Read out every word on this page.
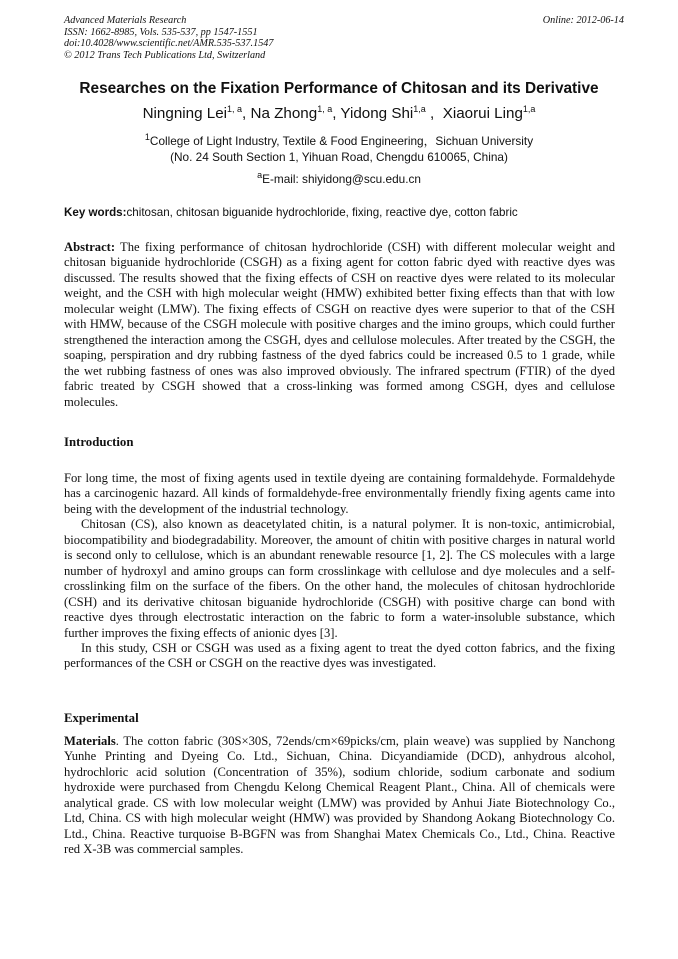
Advanced Materials Research
ISSN: 1662-8985, Vols. 535-537, pp 1547-1551
doi:10.4028/www.scientific.net/AMR.535-537.1547
© 2012 Trans Tech Publications Ltd, Switzerland
Online: 2012-06-14
Researches on the Fixation Performance of Chitosan and its Derivative
Ningning Lei$^{1, a}$, Na Zhong$^{1, a}$, Yidong Shi$^{1,a}$ ,  Xiaorui Ling$^{1,a}$
$^1$College of Light Industry, Textile & Food Engineering，Sichuan University
(No. 24 South Section 1, Yihuan Road, Chengdu 610065, China)
$^a$E-mail: shiyidong@scu.edu.cn
Key words:chitosan, chitosan biguanide hydrochloride, fixing, reactive dye, cotton fabric

Abstract: The fixing performance of chitosan hydrochloride (CSH) with different molecular weight and chitosan biguanide hydrochloride (CSGH) as a fixing agent for cotton fabric dyed with reactive dyes was discussed. The results showed that the fixing effects of CSH on reactive dyes were related to its molecular weight, and the CSH with high molecular weight (HMW) exhibited better fixing effects than that with low molecular weight (LMW). The fixing effects of CSGH on reactive dyes were superior to that of the CSH with HMW, because of the CSGH molecule with positive charges and the imino groups, which could further strengthened the interaction among the CSGH, dyes and cellulose molecules. After treated by the CSGH, the soaping, perspiration and dry rubbing fastness of the dyed fabrics could be increased 0.5 to 1 grade, while the wet rubbing fastness of ones was also improved obviously. The infrared spectrum (FTIR) of the dyed fabric treated by CSGH showed that a cross-linking was formed among CSGH, dyes and cellulose molecules.

Introduction

For long time, the most of fixing agents used in textile dyeing are containing formaldehyde. Formaldehyde has a carcinogenic hazard. All kinds of formaldehyde-free environmentally friendly fixing agents came into being with the development of the industrial technology.

Chitosan (CS), also known as deacetylated chitin, is a natural polymer. It is non-toxic, antimicrobial, biocompatibility and biodegradability. Moreover, the amount of chitin with positive charges in natural world is second only to cellulose, which is an abundant renewable resource [1, 2]. The CS molecules with a large number of hydroxyl and amino groups can form crosslinkage with cellulose and dye molecules and a self-crosslinking film on the surface of the fibers. On the other hand, the molecules of chitosan hydrochloride (CSH) and its derivative chitosan biguanide hydrochloride (CSGH) with positive charge can bond with reactive dyes through electrostatic interaction on the fabric to form a water-insoluble substance, which further improves the fixing effects of anionic dyes [3].

In this study, CSH or CSGH was used as a fixing agent to treat the dyed cotton fabrics, and the fixing performances of the CSH or CSGH on the reactive dyes was investigated.

Experimental

Materials. The cotton fabric (30S×30S, 72ends/cm×69picks/cm, plain weave) was supplied by Nanchong Yunhe Printing and Dyeing Co. Ltd., Sichuan, China. Dicyandiamide (DCD), anhydrous alcohol, hydrochloric acid solution (Concentration of 35%), sodium chloride, sodium carbonate and sodium hydroxide were purchased from Chengdu Kelong Chemical Reagent Plant., China. All of chemicals were analytical grade. CS with low molecular weight (LMW) was provided by Anhui Jiate Biotechnology Co., Ltd, China. CS with high molecular weight (HMW) was provided by Shandong Aokang Biotechnology Co. Ltd., China. Reactive turquoise B-BGFN was from Shanghai Matex Chemicals Co., Ltd., China. Reactive red X-3B was commercial samples.
